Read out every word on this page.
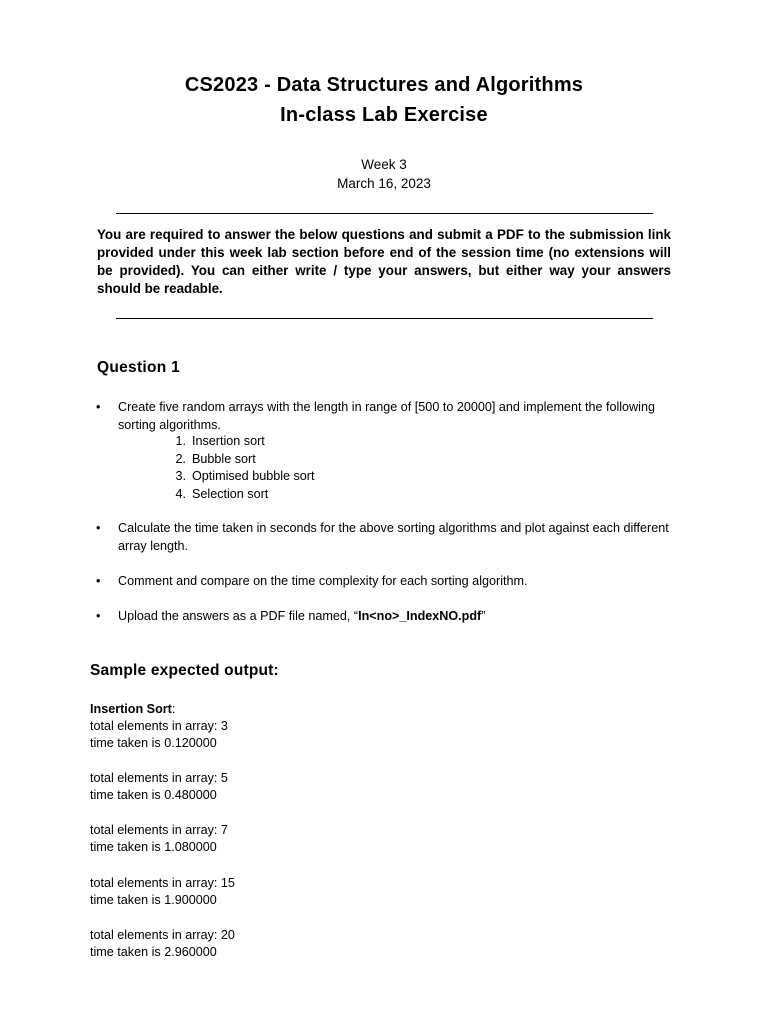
CS2023 - Data Structures and Algorithms
In-class Lab Exercise
Week 3
March 16, 2023
You are required to answer the below questions and submit a PDF to the submission link provided under this week lab section before end of the session time (no extensions will be provided). You can either write / type your answers, but either way your answers should be readable.
Question 1
•	Create five random arrays with the length in range of [500 to 20000] and implement the following sorting algorithms.
1. Insertion sort
2. Bubble sort
3. Optimised bubble sort
4. Selection sort
•	Calculate the time taken in seconds for the above sorting algorithms and plot against each different array length.
•	Comment and compare on the time complexity for each sorting algorithm.
•	Upload the answers as a PDF file named, “In<no>_IndexNO.pdf”
Sample expected output:
Insertion Sort:
total elements in array: 3
time taken is 0.120000
total elements in array: 5
time taken is 0.480000
total elements in array: 7
time taken is 1.080000
total elements in array: 15
time taken is 1.900000
total elements in array: 20
time taken is 2.960000
